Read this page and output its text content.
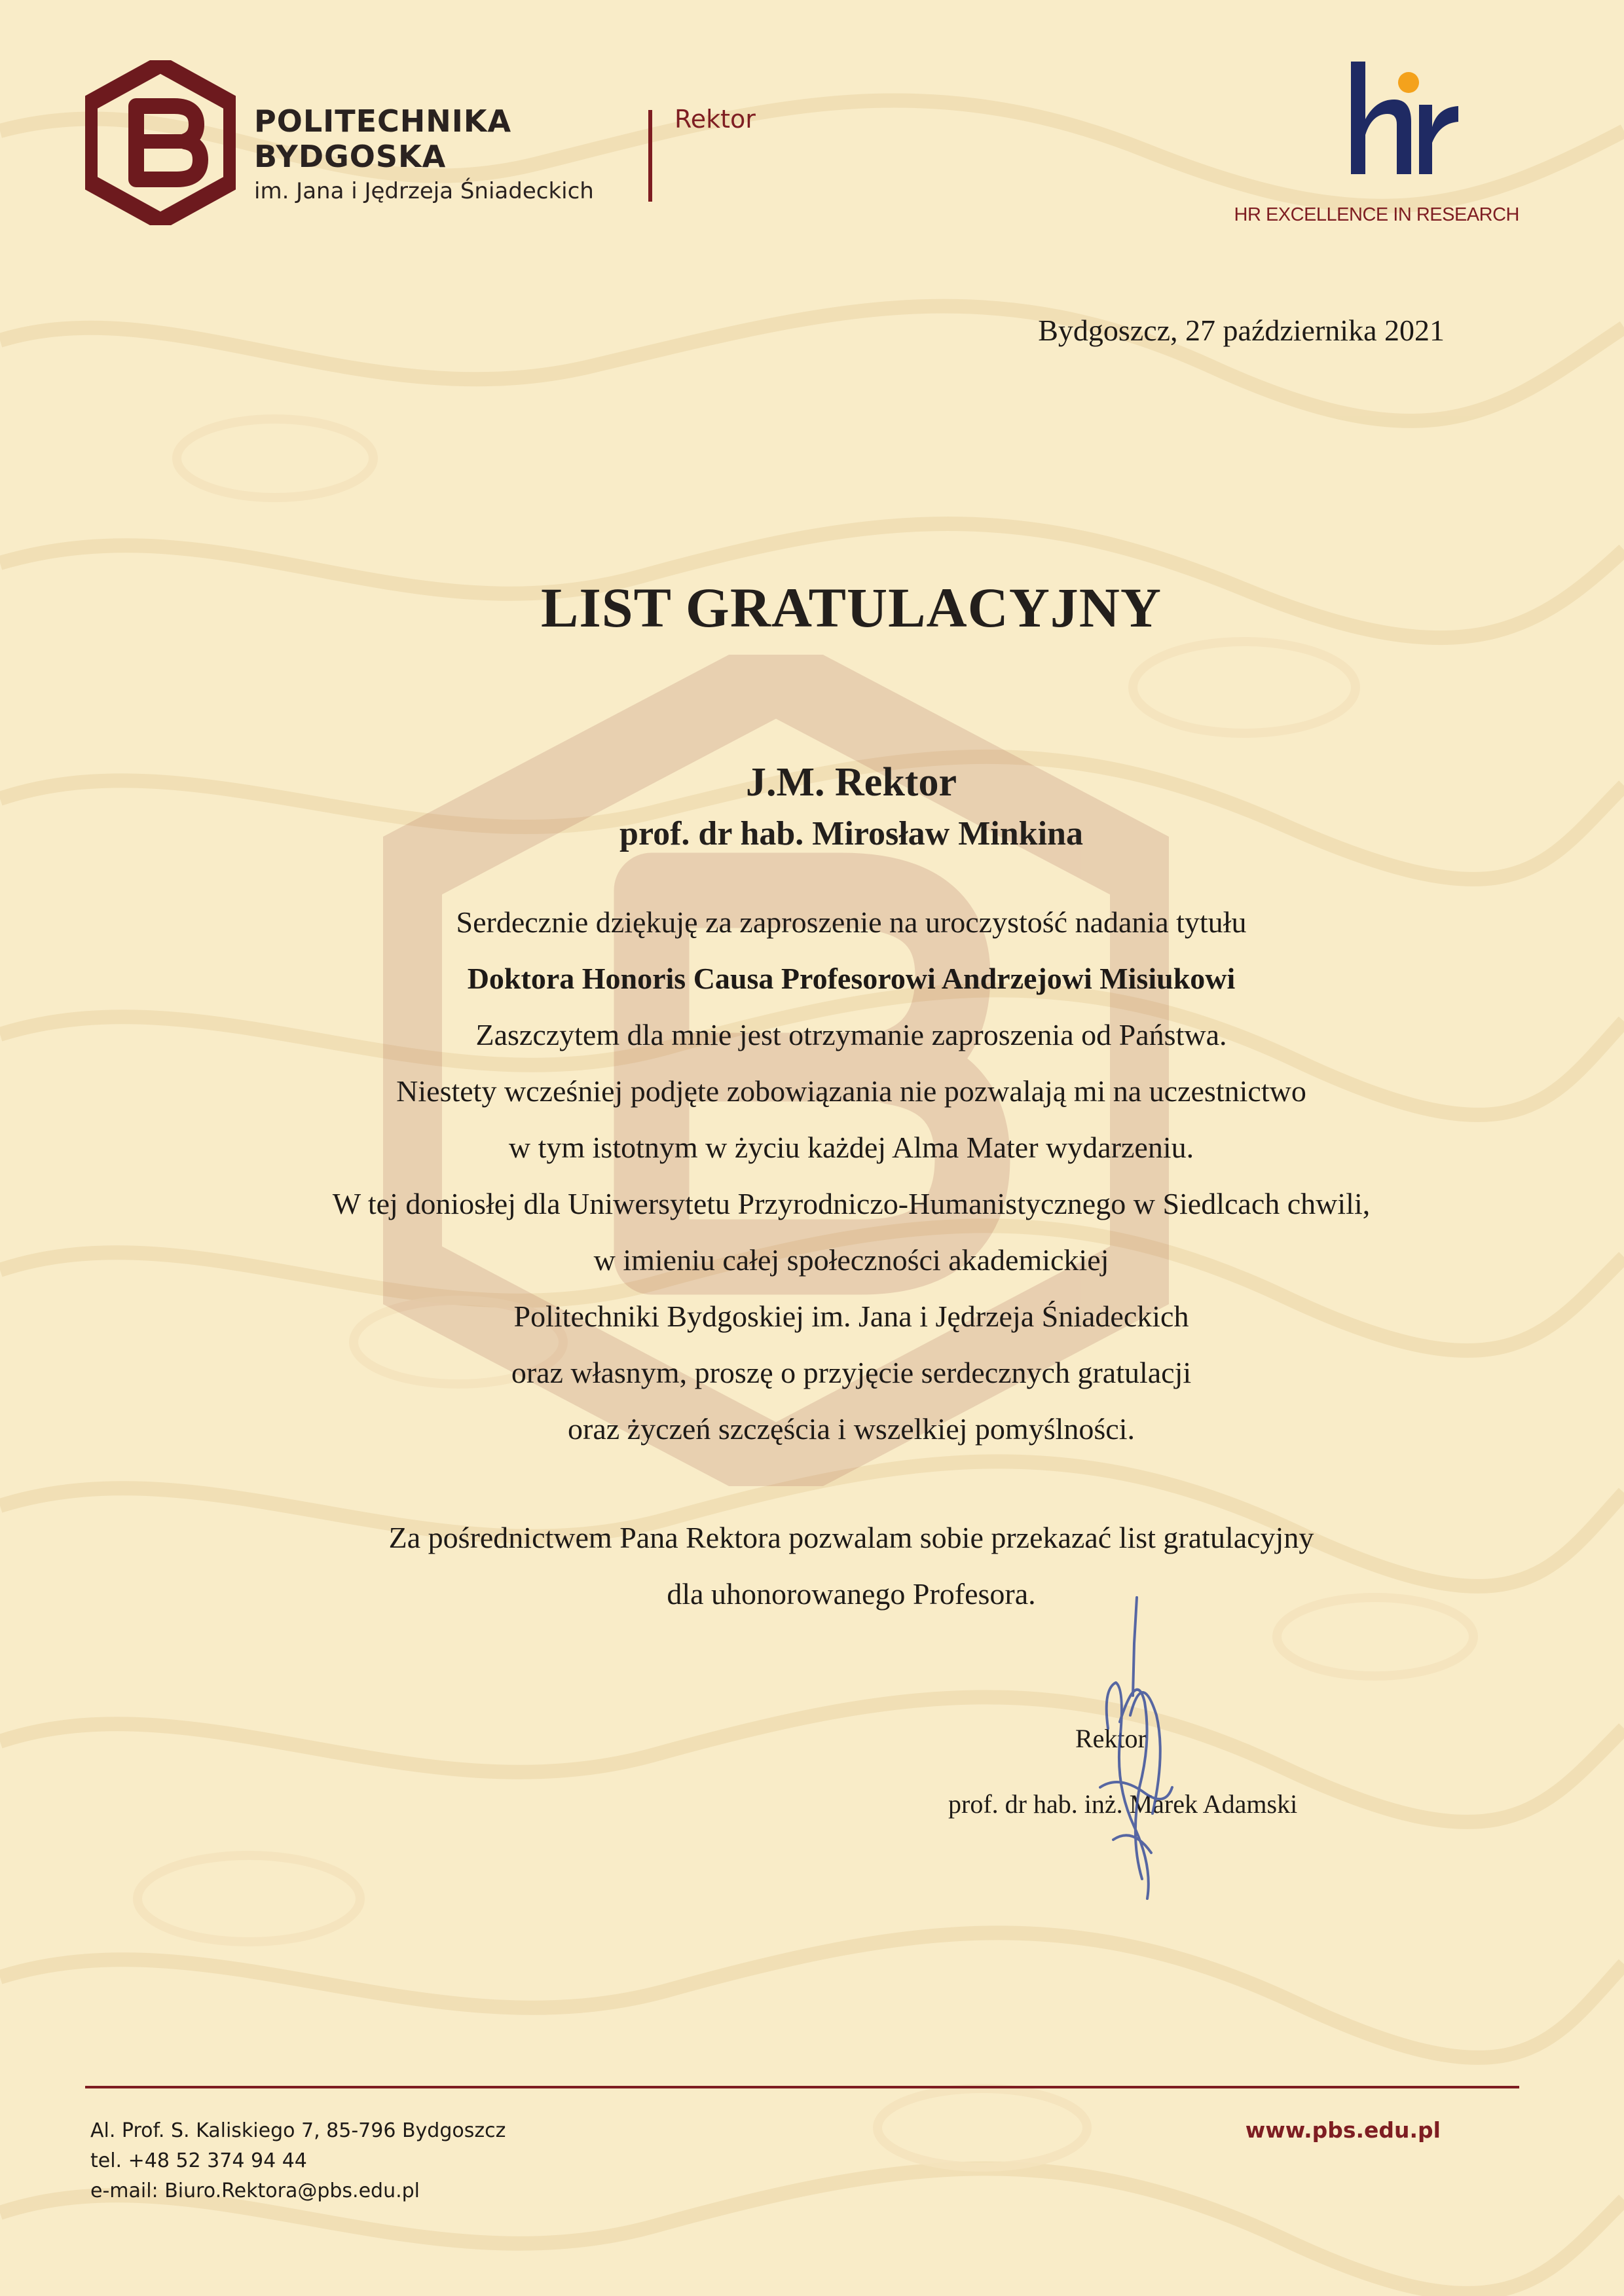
POLITECHNIKA
BYDGOSKA
im. Jana i Jędrzeja Śniadeckich
Rektor
HR EXCELLENCE IN RESEARCH
Bydgoszcz, 27 października 2021
LIST GRATULACYJNY
J.M. Rektor
prof. dr hab. Mirosław Minkina
Serdecznie dziękuję za zaproszenie na uroczystość nadania tytułu
Doktora Honoris Causa Profesorowi Andrzejowi Misiukowi
Zaszczytem dla mnie jest otrzymanie zaproszenia od Państwa.
Niestety wcześniej podjęte zobowiązania nie pozwalają mi na uczestnictwo
w tym istotnym w życiu każdej Alma Mater wydarzeniu.
W tej doniosłej dla Uniwersytetu Przyrodniczo-Humanistycznego w Siedlcach chwili,
w imieniu całej społeczności akademickiej
Politechniki Bydgoskiej im. Jana i Jędrzeja Śniadeckich
oraz własnym, proszę o przyjęcie serdecznych gratulacji
oraz życzeń szczęścia i wszelkiej pomyślności.
Za pośrednictwem Pana Rektora pozwalam sobie przekazać list gratulacyjny
dla uhonorowanego Profesora.
Rektor
prof. dr hab. inż. Marek Adamski
Al. Prof. S. Kaliskiego 7, 85-796 Bydgoszcz
tel. +48 52 374 94 44
e-mail: Biuro.Rektora@pbs.edu.pl
www.pbs.edu.pl
